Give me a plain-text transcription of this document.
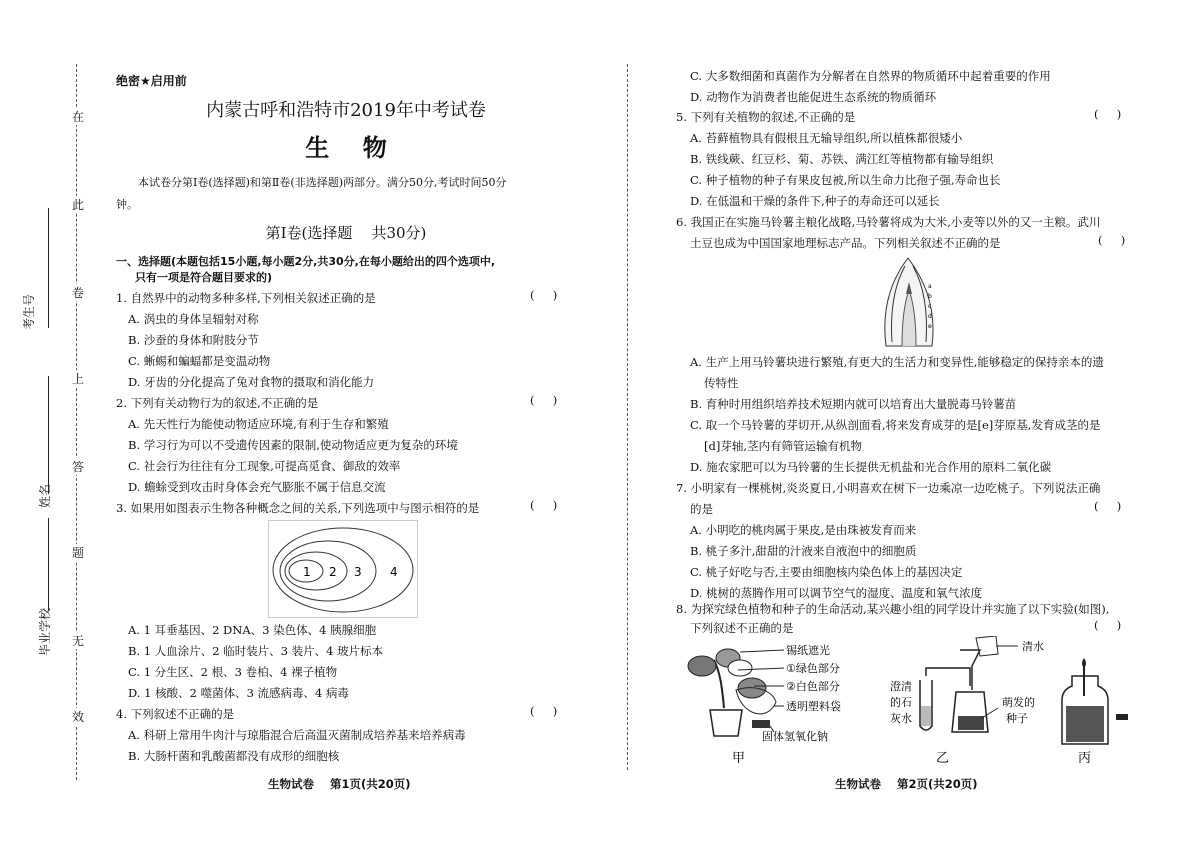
在
此
卷
上
答
题
无
效
考生号
姓名
毕业学校
绝密★启用前
内蒙古呼和浩特市2019年中考试卷
生    物
本试卷分第Ⅰ卷(选择题)和第Ⅱ卷(非选择题)两部分。满分50分,考试时间50分
钟。
第Ⅰ卷(选择题    共30分)
一、选择题(本题包括15小题,每小题2分,共30分,在每小题给出的四个选项中,
只有一项是符合题目要求的)
1. 自然界中的动物多种多样,下列相关叙述正确的是	(     )
A. 涡虫的身体呈辐射对称
B. 沙蚕的身体和附肢分节
C. 蜥蜴和蝙蝠都是变温动物
D. 牙齿的分化提高了兔对食物的摄取和消化能力
2. 下列有关动物行为的叙述,不正确的是	(     )
A. 先天性行为能使动物适应环境,有利于生存和繁殖
B. 学习行为可以不受遗传因素的限制,使动物适应更为复杂的环境
C. 社会行为往往有分工现象,可提高觅食、御敌的效率
D. 蟾蜍受到攻击时身体会充气膨胀不属于信息交流
3. 如果用如图表示生物各种概念之间的关系,下列选项中与图示相符的是	(     )
1 2 3 4
A. 1 耳垂基因、2 DNA、3 染色体、4 胰腺细胞
B. 1 人血涂片、2 临时装片、3 装片、4 玻片标本
C. 1 分生区、2 根、3 卷柏、4 裸子植物
D. 1 核酸、2 噬菌体、3 流感病毒、4 病毒
4. 下列叙述不正确的是	(     )
A. 科研上常用牛肉汁与琼脂混合后高温灭菌制成培养基来培养病毒
B. 大肠杆菌和乳酸菌都没有成形的细胞核
生物试卷    第1页(共20页)
C. 大多数细菌和真菌作为分解者在自然界的物质循环中起着重要的作用
D. 动物作为消费者也能促进生态系统的物质循环
5. 下列有关植物的叙述,不正确的是	(     )
A. 苔藓植物具有假根且无输导组织,所以植株都很矮小
B. 铁线蕨、红豆杉、菊、苏铁、满江红等植物都有输导组织
C. 种子植物的种子有果皮包被,所以生命力比孢子强,寿命也长
D. 在低温和干燥的条件下,种子的寿命还可以延长
6. 我国正在实施马铃薯主粮化战略,马铃薯将成为大米,小麦等以外的又一主粮。武川
土豆也成为中国国家地理标志产品。下列相关叙述不正确的是	(     )
a
b
c
d
e
A. 生产上用马铃薯块进行繁殖,有更大的生活力和变异性,能够稳定的保持亲本的遗
传特性
B. 育种时用组织培养技术短期内就可以培育出大量脱毒马铃薯苗
C. 取一个马铃薯的芽切开,从纵剖面看,将来发育成芽的是[e]芽原基,发育成茎的是
[d]芽轴,茎内有筛管运输有机物
D. 施农家肥可以为马铃薯的生长提供无机盐和光合作用的原料二氧化碳
7. 小明家有一棵桃树,炎炎夏日,小明喜欢在树下一边乘凉一边吃桃子。下列说法正确
的是	(     )
A. 小明吃的桃肉属于果皮,是由珠被发育而来
B. 桃子多汁,甜甜的汁液来自液泡中的细胞质
C. 桃子好吃与否,主要由细胞核内染色体上的基因决定
D. 桃树的蒸腾作用可以调节空气的湿度、温度和氧气浓度
8. 为探究绿色植物和种子的生命活动,某兴趣小组的同学设计并实施了以下实验(如图),
下列叙述不正确的是	(     )
锡纸遮光
①绿色部分
②白色部分
透明塑料袋
固体氢氧化钠
甲
澄清
的石
灰水
清水
萌发的
种子
乙	丙
生物试卷    第2页(共20页)
